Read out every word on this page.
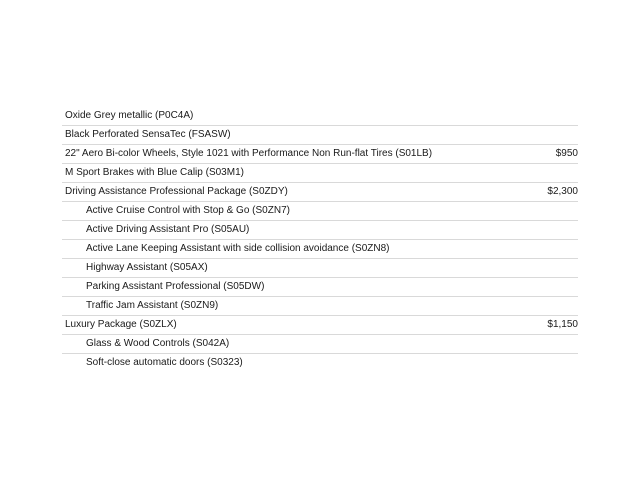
Oxide Grey metallic (P0C4A)
Black Perforated SensaTec (FSASW)
22" Aero Bi-color Wheels, Style 1021 with Performance Non Run-flat Tires (S01LB)	$950
M Sport Brakes with Blue Calip (S03M1)
Driving Assistance Professional Package (S0ZDY)	$2,300
Active Cruise Control with Stop & Go (S0ZN7)
Active Driving Assistant Pro (S05AU)
Active Lane Keeping Assistant with side collision avoidance (S0ZN8)
Highway Assistant (S05AX)
Parking Assistant Professional (S05DW)
Traffic Jam Assistant (S0ZN9)
Luxury Package (S0ZLX)	$1,150
Glass & Wood Controls (S042A)
Soft-close automatic doors (S0323)
